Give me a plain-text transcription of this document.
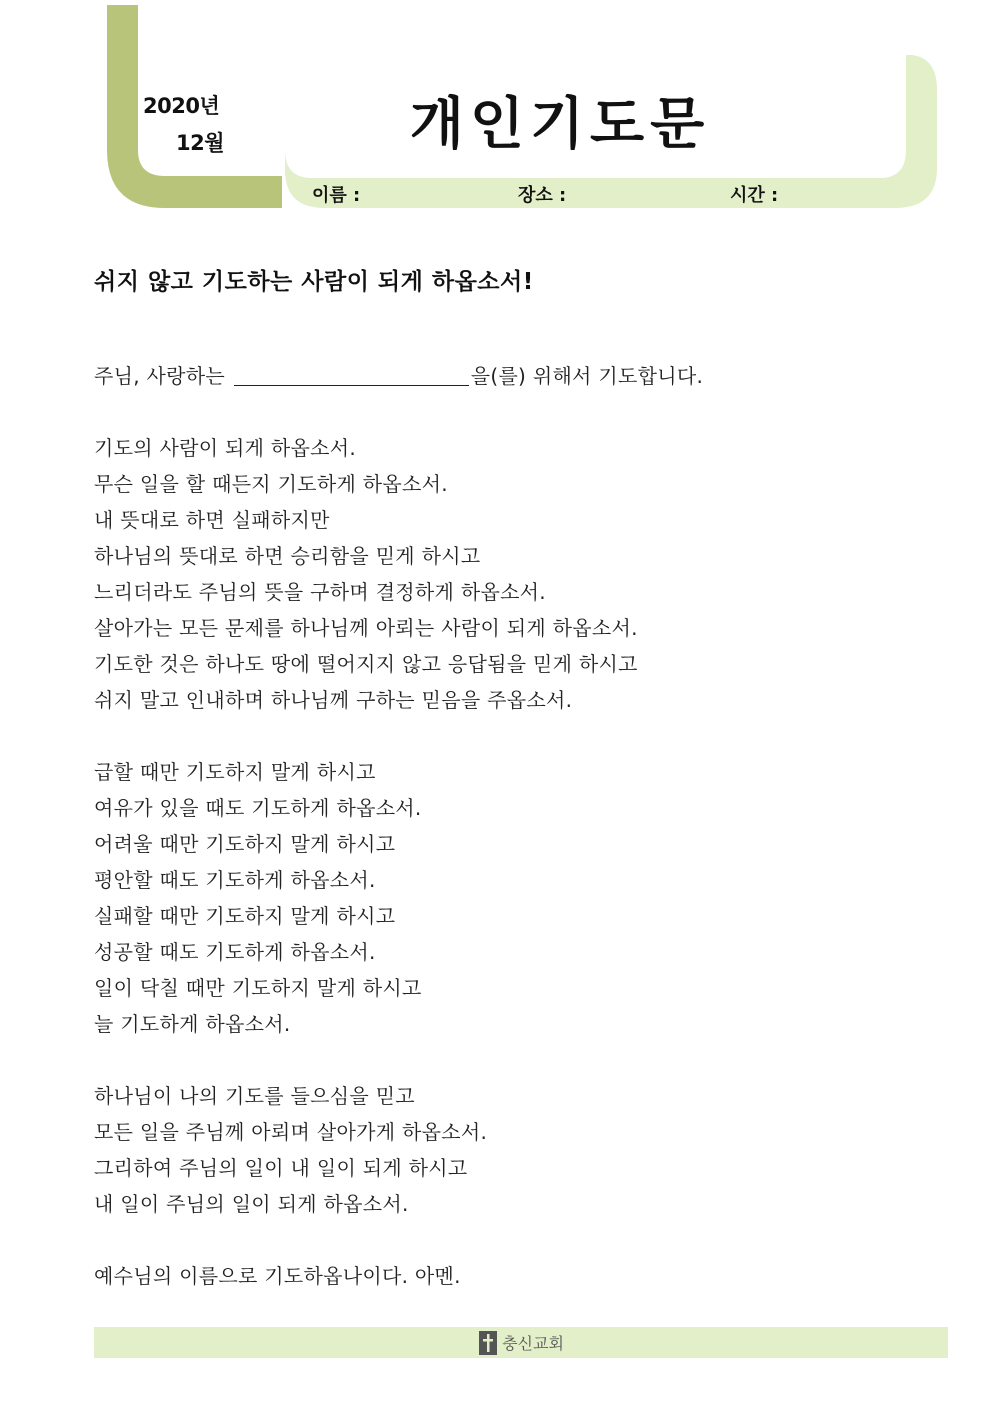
2020년
12월	개인기도문
이름 :	장소 :	시간 :
쉬지 않고 기도하는 사람이 되게 하옵소서!
주님, 사랑하는	을(를) 위해서 기도합니다.
기도의 사람이 되게 하옵소서.
무슨 일을 할 때든지 기도하게 하옵소서.
내 뜻대로 하면 실패하지만
하나님의 뜻대로 하면 승리함을 믿게 하시고
느리더라도 주님의 뜻을 구하며 결정하게 하옵소서.
살아가는 모든 문제를 하나님께 아뢰는 사람이 되게 하옵소서.
기도한 것은 하나도 땅에 떨어지지 않고 응답됨을 믿게 하시고
쉬지 말고 인내하며 하나님께 구하는 믿음을 주옵소서.
급할 때만 기도하지 말게 하시고
여유가 있을 때도 기도하게 하옵소서.
어려울 때만 기도하지 말게 하시고
평안할 때도 기도하게 하옵소서.
실패할 때만 기도하지 말게 하시고
성공할 때도 기도하게 하옵소서.
일이 닥칠 때만 기도하지 말게 하시고
늘 기도하게 하옵소서.
하나님이 나의 기도를 들으심을 믿고
모든 일을 주님께 아뢰며 살아가게 하옵소서.
그리하여 주님의 일이 내 일이 되게 하시고
내 일이 주님의 일이 되게 하옵소서.
예수님의 이름으로 기도하옵나이다. 아멘.
충신교회
